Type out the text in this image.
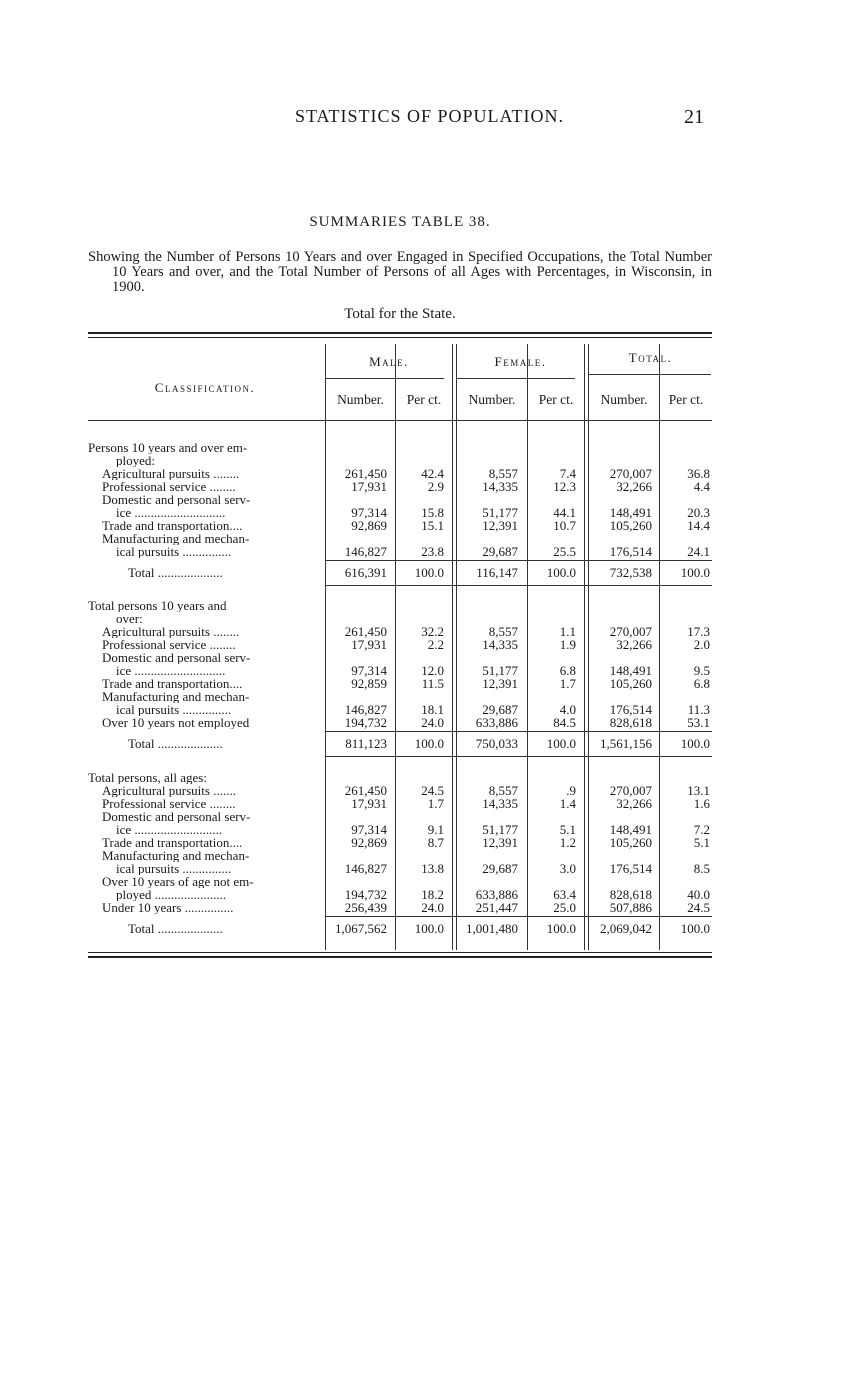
STATISTICS OF POPULATION.	21
SUMMARIES TABLE 38.
Showing the Number of Persons 10 Years and over Engaged in Specified Occupations, the Total Number 10 Years and over, and the Total Number of Persons of all Ages with Percentages, in Wisconsin, in 1900.
Total for the State.
Classification.
Male.	Female.	Total.
Number.	Per ct.	Number.	Per ct.	Number.	Per ct.
Persons 10 years and over em-
ployed:
Agricultural pursuits ........	261,450	42.4	8,557	7.4	270,007	36.8
Professional service ........	17,931	2.9	14,335	12.3	32,266	4.4
Domestic and personal serv-
ice ............................	97,314	15.8	51,177	44.1	148,491	20.3
Trade and transportation....	92,869	15.1	12,391	10.7	105,260	14.4
Manufacturing and mechan-
ical pursuits ...............	146,827	23.8	29,687	25.5	176,514	24.1
Total ....................	616,391	100.0	116,147	100.0	732,538	100.0
Total persons 10 years and
over:
Agricultural pursuits ........	261,450	32.2	8,557	1.1	270,007	17.3
Professional service ........	17,931	2.2	14,335	1.9	32,266	2.0
Domestic and personal serv-
ice ............................	97,314	12.0	51,177	6.8	148,491	9.5
Trade and transportation....	92,859	11.5	12,391	1.7	105,260	6.8
Manufacturing and mechan-
ical pursuits ...............	146,827	18.1	29,687	4.0	176,514	11.3
Over 10 years not employed	194,732	24.0	633,886	84.5	828,618	53.1
Total ....................	811,123	100.0	750,033	100.0	1,561,156	100.0
Total persons, all ages:
Agricultural pursuits .......	261,450	24.5	8,557	.9	270,007	13.1
Professional service ........	17,931	1.7	14,335	1.4	32,266	1.6
Domestic and personal serv-
ice ...........................	97,314	9.1	51,177	5.1	148,491	7.2
Trade and transportation....	92,869	8.7	12,391	1.2	105,260	5.1
Manufacturing and mechan-
ical pursuits ...............	146,827	13.8	29,687	3.0	176,514	8.5
Over 10 years of age not em-
ployed ......................	194,732	18.2	633,886	63.4	828,618	40.0
Under 10 years ...............	256,439	24.0	251,447	25.0	507,886	24.5
Total ....................	1,067,562	100.0	1,001,480	100.0	2,069,042	100.0
